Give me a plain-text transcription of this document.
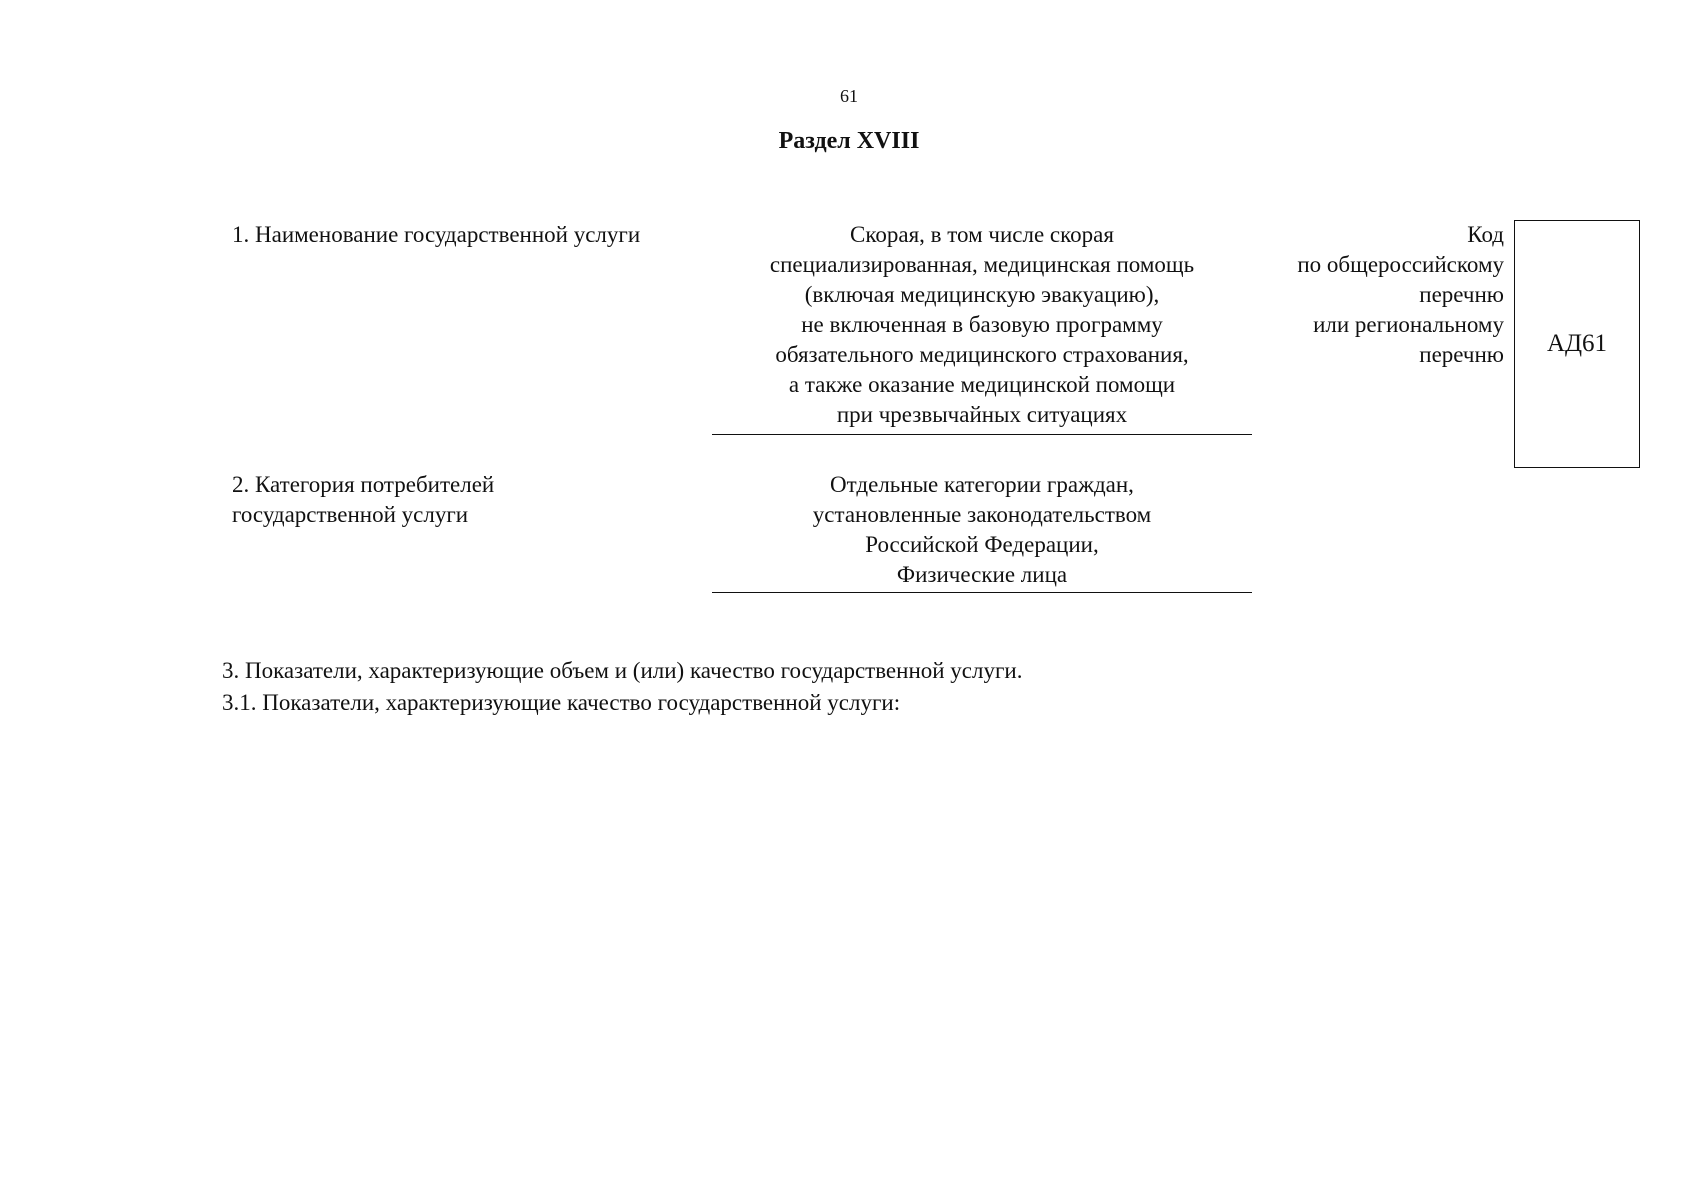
61
Раздел XVIII
1. Наименование государственной услуги	Скорая, в том числе скорая
специализированная, медицинская помощь
(включая медицинскую эвакуацию),
не включенная в базовую программу
обязательного медицинского страхования,
а также оказание медицинской помощи
при чрезвычайных ситуациях
Код
по общероссийскому
перечню
или региональному
перечню АД61
2. Категория потребителей
государственной услуги
Отдельные категории граждан,
установленные законодательством
Российской Федерации,
Физические лица
3. Показатели, характеризующие объем и (или) качество государственной услуги.
3.1. Показатели, характеризующие качество государственной услуги:
